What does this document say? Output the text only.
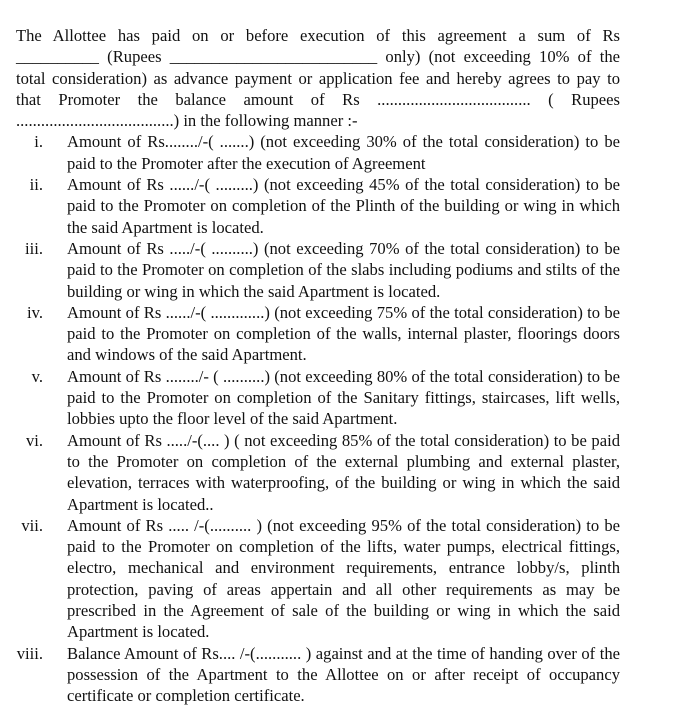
The Allottee has paid on or before execution of this agreement a sum of Rs
__________ (Rupees _________________________ only) (not exceeding 10% of the
total consideration) as advance payment or application fee and hereby agrees to pay to
that Promoter the balance amount of Rs ..................................... ( Rupees
......................................) in the following manner :-
i. Amount of Rs......../-( .......) (not exceeding 30% of the total consideration) to be paid to the Promoter after the execution of Agreement
ii. Amount of Rs ....../-( .........) (not exceeding 45% of the total consideration) to be paid to the Promoter on completion of the Plinth of the building or wing in which the said Apartment is located.
iii. Amount of Rs ...../-( ..........) (not exceeding 70% of the total consideration) to be paid to the Promoter on completion of the slabs including podiums and stilts of the building or wing in which the said Apartment is located.
iv. Amount of Rs ....../-( .............) (not exceeding 75% of the total consideration) to be paid to the Promoter on completion of the walls, internal plaster, floorings doors and windows of the said Apartment.
v. Amount of Rs ......../- ( ..........) (not exceeding 80% of the total consideration) to be paid to the Promoter on completion of the Sanitary fittings, staircases, lift wells, lobbies upto the floor level of the said Apartment.
vi. Amount of Rs ...../-(.... ) ( not exceeding 85% of the total consideration) to be paid to the Promoter on completion of the external plumbing and external plaster, elevation, terraces with waterproofing, of the building or wing in which the said Apartment is located..
vii. Amount of Rs ..... /-(.......... ) (not exceeding 95% of the total consideration) to be paid to the Promoter on completion of the lifts, water pumps, electrical fittings, electro, mechanical and environment requirements, entrance lobby/s, plinth protection, paving of areas appertain and all other requirements as may be prescribed in the Agreement of sale of the building or wing in which the said Apartment is located.
viii. Balance Amount of Rs.... /-(........... ) against and at the time of handing over of the possession of the Apartment to the Allottee on or after receipt of occupancy certificate or completion certificate.
